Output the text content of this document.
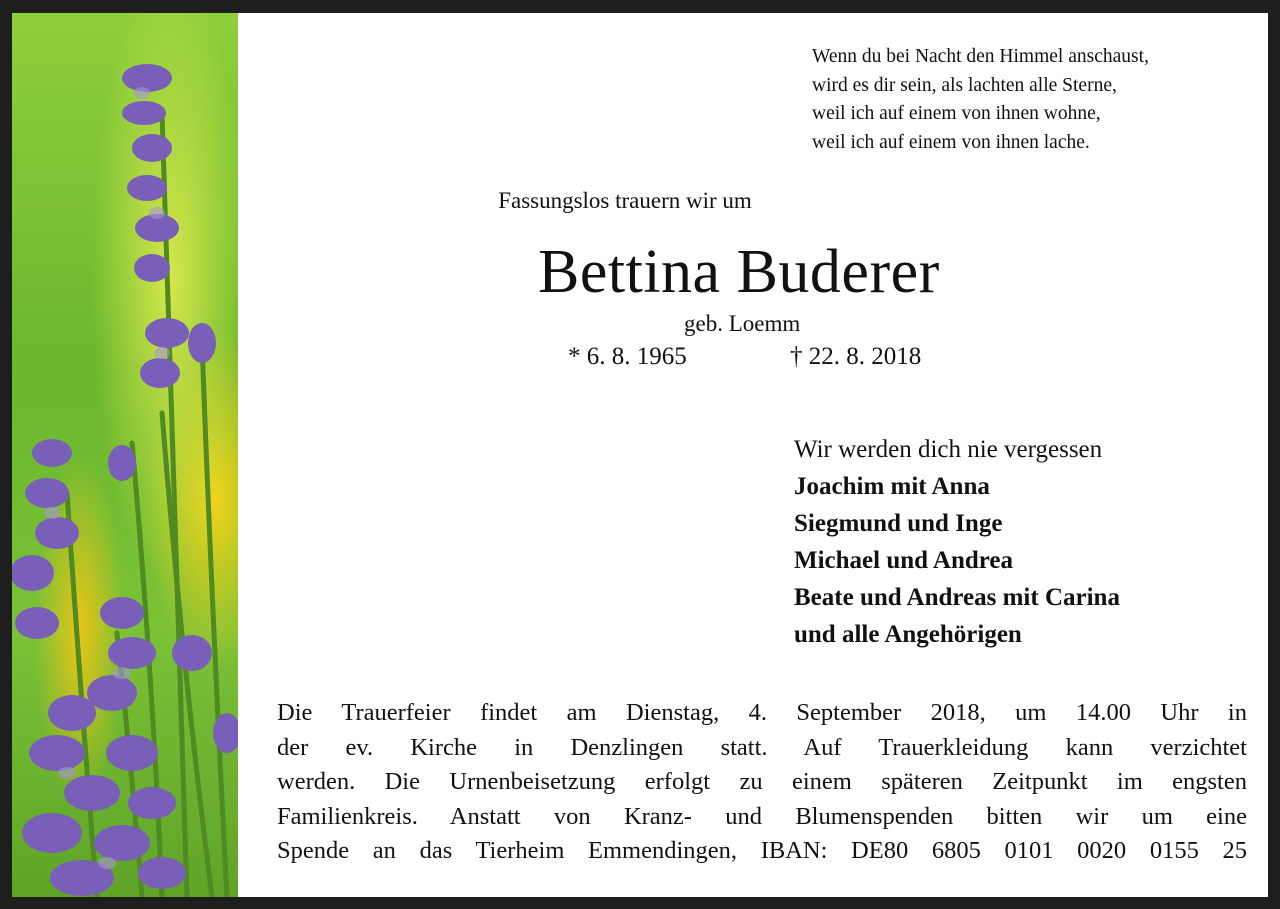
Wenn du bei Nacht den Himmel anschaust,
wird es dir sein, als lachten alle Sterne,
weil ich auf einem von ihnen wohne,
weil ich auf einem von ihnen lache.
Fassungslos trauern wir um
Bettina Buderer
geb. Loemm
* 6. 8. 1965	† 22. 8. 2018
Wir werden dich nie vergessen
Joachim mit Anna
Siegmund und Inge
Michael und Andrea
Beate und Andreas mit Carina
und alle Angehörigen
Die Trauerfeier findet am Dienstag, 4. September 2018, um 14.00 Uhr in
der ev. Kirche in Denzlingen statt. Auf Trauerkleidung kann verzichtet
werden. Die Urnenbeisetzung erfolgt zu einem späteren Zeitpunkt im engsten
Familienkreis. Anstatt von Kranz- und Blumenspenden bitten wir um eine
Spende an das Tierheim Emmendingen, IBAN: DE80 6805 0101 0020 0155 25
